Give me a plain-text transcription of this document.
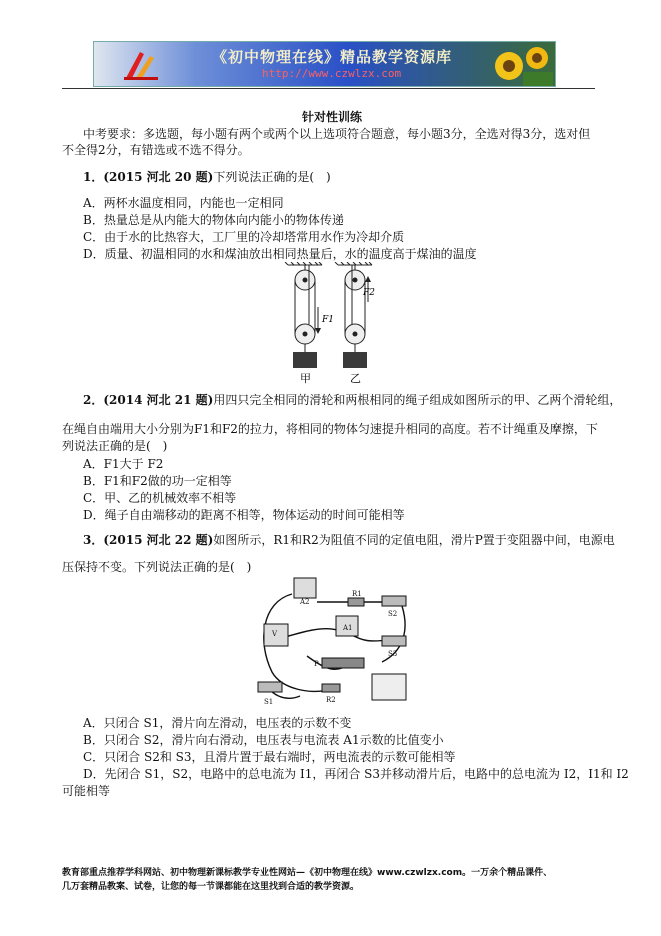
《初中物理在线》精品教学资源库
http://www.czwlzx.com
针对性训练
中考要求：多选题，每小题有两个或两个以上选项符合题意，每小题3分，全选对得3分，选对但
不全得2分，有错选或不选不得分。
1．(2015 河北 20 题)下列说法正确的是(　)
A．两杯水温度相同，内能也一定相同
B．热量总是从内能大的物体向内能小的物体传递
C．由于水的比热容大，工厂里的冷却塔常用水作为冷却介质
D．质量、初温相同的水和煤油放出相同热量后，水的温度高于煤油的温度
F1
F2
甲	乙
2．(2014 河北 21 题)用四只完全相同的滑轮和两根相同的绳子组成如图所示的甲、乙两个滑轮组，
在绳自由端用大小分别为F1和F2的拉力，将相同的物体匀速提升相同的高度。若不计绳重及摩擦，下
列说法正确的是(　)
A．F1大于 F2
B．F1和F2做的功一定相等
C．甲、乙的机械效率不相等
D．绳子自由端移动的距离不相等，物体运动的时间可能相等
3．(2015 河北 22 题)如图所示，R1和R2为阻值不同的定值电阻，滑片P置于变阻器中间，电源电
压保持不变。下列说法正确的是(　)
A2
R1
S2
V
A1
S3
P
R2
S1
A．只闭合 S1，滑片向左滑动，电压表的示数不变
B．只闭合 S2，滑片向右滑动，电压表与电流表 A1示数的比值变小
C．只闭合 S2和 S3，且滑片置于最右端时，两电流表的示数可能相等
D．先闭合 S1，S2，电路中的总电流为 I1，再闭合 S3并移动滑片后，电路中的总电流为 I2，I1和 I2
可能相等
教育部重点推荐学科网站、初中物理新课标教学专业性网站—《初中物理在线》www.czwlzx.com。一万余个精品课件、
几万套精品教案、试卷，让您的每一节课都能在这里找到合适的教学资源。
